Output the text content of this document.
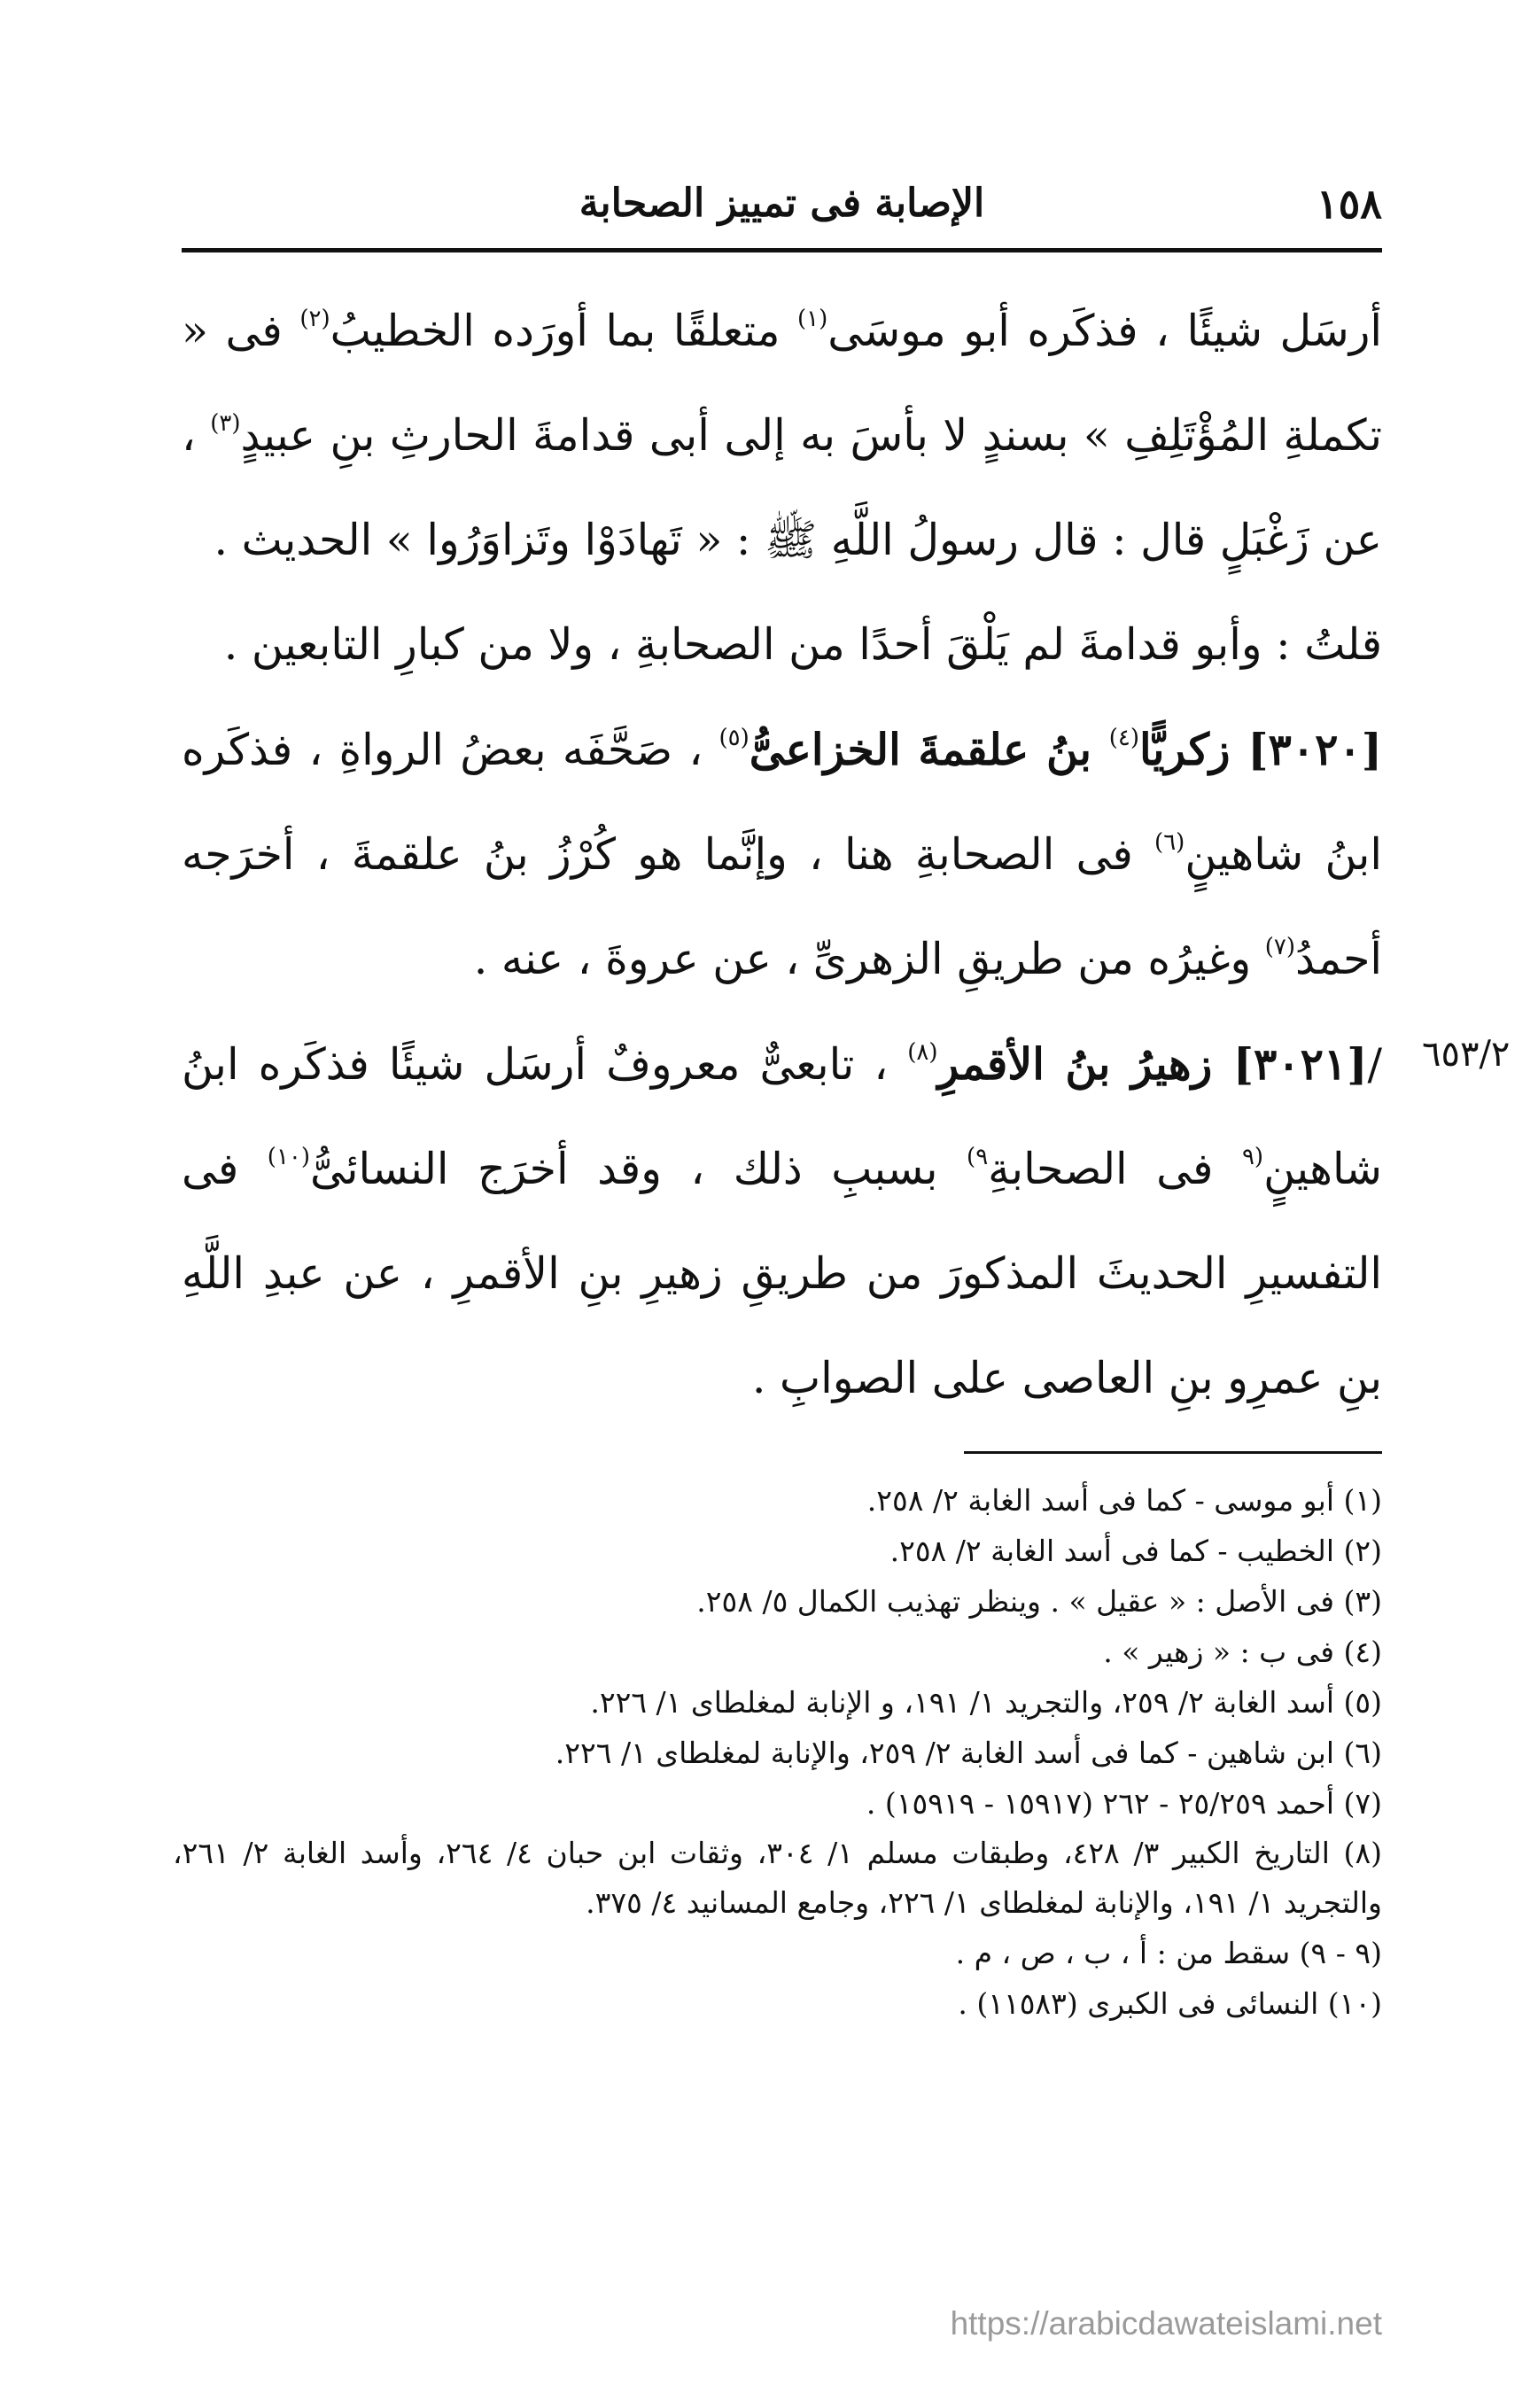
١٥٨
الإصابة فى تمييز الصحابة

أرسَل شيئًا ، فذكَره أبو موسَى$^{(١)}$ متعلقًا بما أورَده الخطيبُ$^{(٢)}$ فى « تكملةِ المُؤْتَلِفِ » بسندٍ لا بأسَ به إلى أبى قدامةَ الحارثِ بنِ عبيدٍ$^{(٣)}$ ، عن زَغْبَلٍ قال : قال رسولُ اللَّهِ ﷺ : « تَهادَوْا وتَزاوَرُوا » الحديث .

قلتُ : وأبو قدامةَ لم يَلْقَ أحدًا من الصحابةِ ، ولا من كبارِ التابعين .

[٣٠٢٠] زكريًّا$^{(٤)}$ بنُ علقمةَ الخزاعىُّ$^{(٥)}$ ، صَحَّفَه بعضُ الرواةِ ، فذكَره ابنُ شاهينٍ$^{(٦)}$ فى الصحابةِ هنا ، وإنَّما هو كُرْزُ بنُ علقمةَ ، أخرَجه أحمدُ$^{(٧)}$ وغيرُه من طريقِ الزهرىِّ ، عن عروةَ ، عنه .

/[٣٠٢١] زهيرُ بنُ الأقمرِ$^{(٨)}$ ، تابعىٌّ معروفٌ أرسَل شيئًا فذكَره ابنُ شاهينٍ$^{(٩}$ فى الصحابةِ$^{٩)}$ بسببِ ذلك ، وقد أخرَج النسائىُّ$^{(١٠)}$ فى التفسيرِ الحديثَ المذكورَ من طريقِ زهيرِ بنِ الأقمرِ ، عن عبدِ اللَّهِ بنِ عمرِو بنِ العاصى على الصوابِ .

٦٥٣/٢

(١) أبو موسى - كما فى أسد الغابة ٢/ ٢٥٨.

(٢) الخطيب - كما فى أسد الغابة ٢/ ٢٥٨.

(٣) فى الأصل : « عقيل » . وينظر تهذيب الكمال ٥/ ٢٥٨.

(٤) فى ب : « زهير » .

(٥) أسد الغابة ٢/ ٢٥٩، والتجريد ١/ ١٩١، و الإنابة لمغلطاى ١/ ٢٢٦.

(٦) ابن شاهين - كما فى أسد الغابة ٢/ ٢٥٩، والإنابة لمغلطاى ١/ ٢٢٦.

(٧) أحمد ٢٥/٢٥٩ - ٢٦٢ (١٥٩١٧ - ١٥٩١٩) .

(٨) التاريخ الكبير ٣/ ٤٢٨، وطبقات مسلم ١/ ٣٠٤، وثقات ابن حبان ٤/ ٢٦٤، وأسد الغابة ٢/ ٢٦١، والتجريد ١/ ١٩١، والإنابة لمغلطاى ١/ ٢٢٦، وجامع المسانيد ٤/ ٣٧٥.

(٩ - ٩) سقط من : أ ، ب ، ص ، م .

(١٠) النسائى فى الكبرى (١١٥٨٣) .

https://arabicdawateislami.net
